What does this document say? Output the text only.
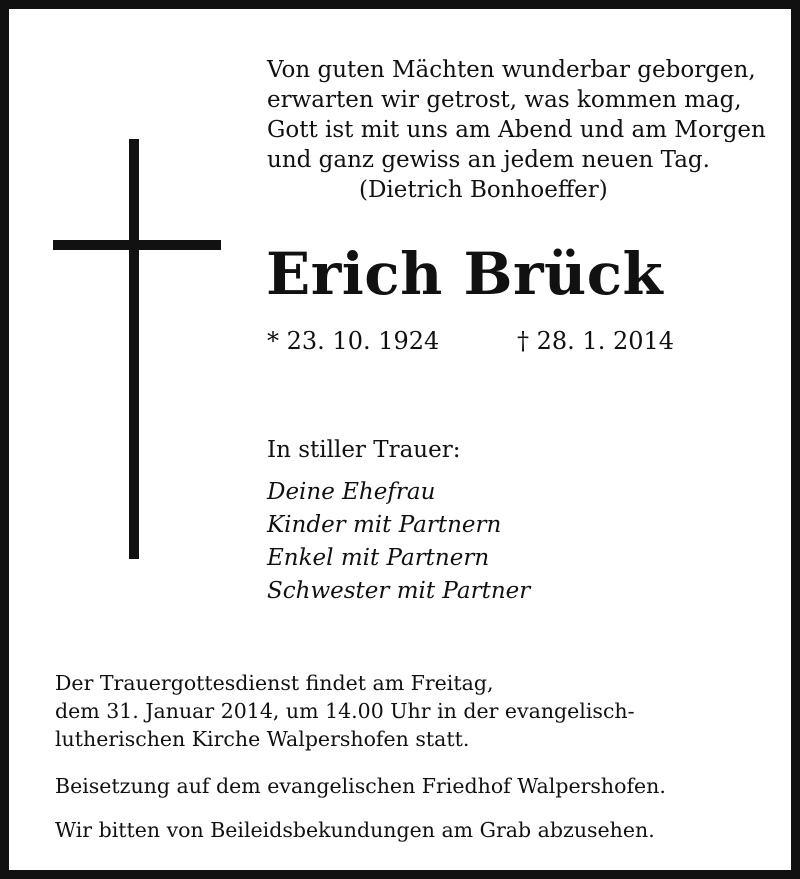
Von guten Mächten wunderbar geborgen,
erwarten wir getrost, was kommen mag,
Gott ist mit uns am Abend und am Morgen
und ganz gewiss an jedem neuen Tag.
(Dietrich Bonhoeffer)
Erich Brück
* 23. 10. 1924	† 28. 1. 2014
In stiller Trauer:
Deine Ehefrau
Kinder mit Partnern
Enkel mit Partnern
Schwester mit Partner
Der Trauergottesdienst findet am Freitag,
dem 31. Januar 2014, um 14.00 Uhr in der evangelisch-
lutherischen Kirche Walpershofen statt.
Beisetzung auf dem evangelischen Friedhof Walpershofen.
Wir bitten von Beileidsbekundungen am Grab abzusehen.
